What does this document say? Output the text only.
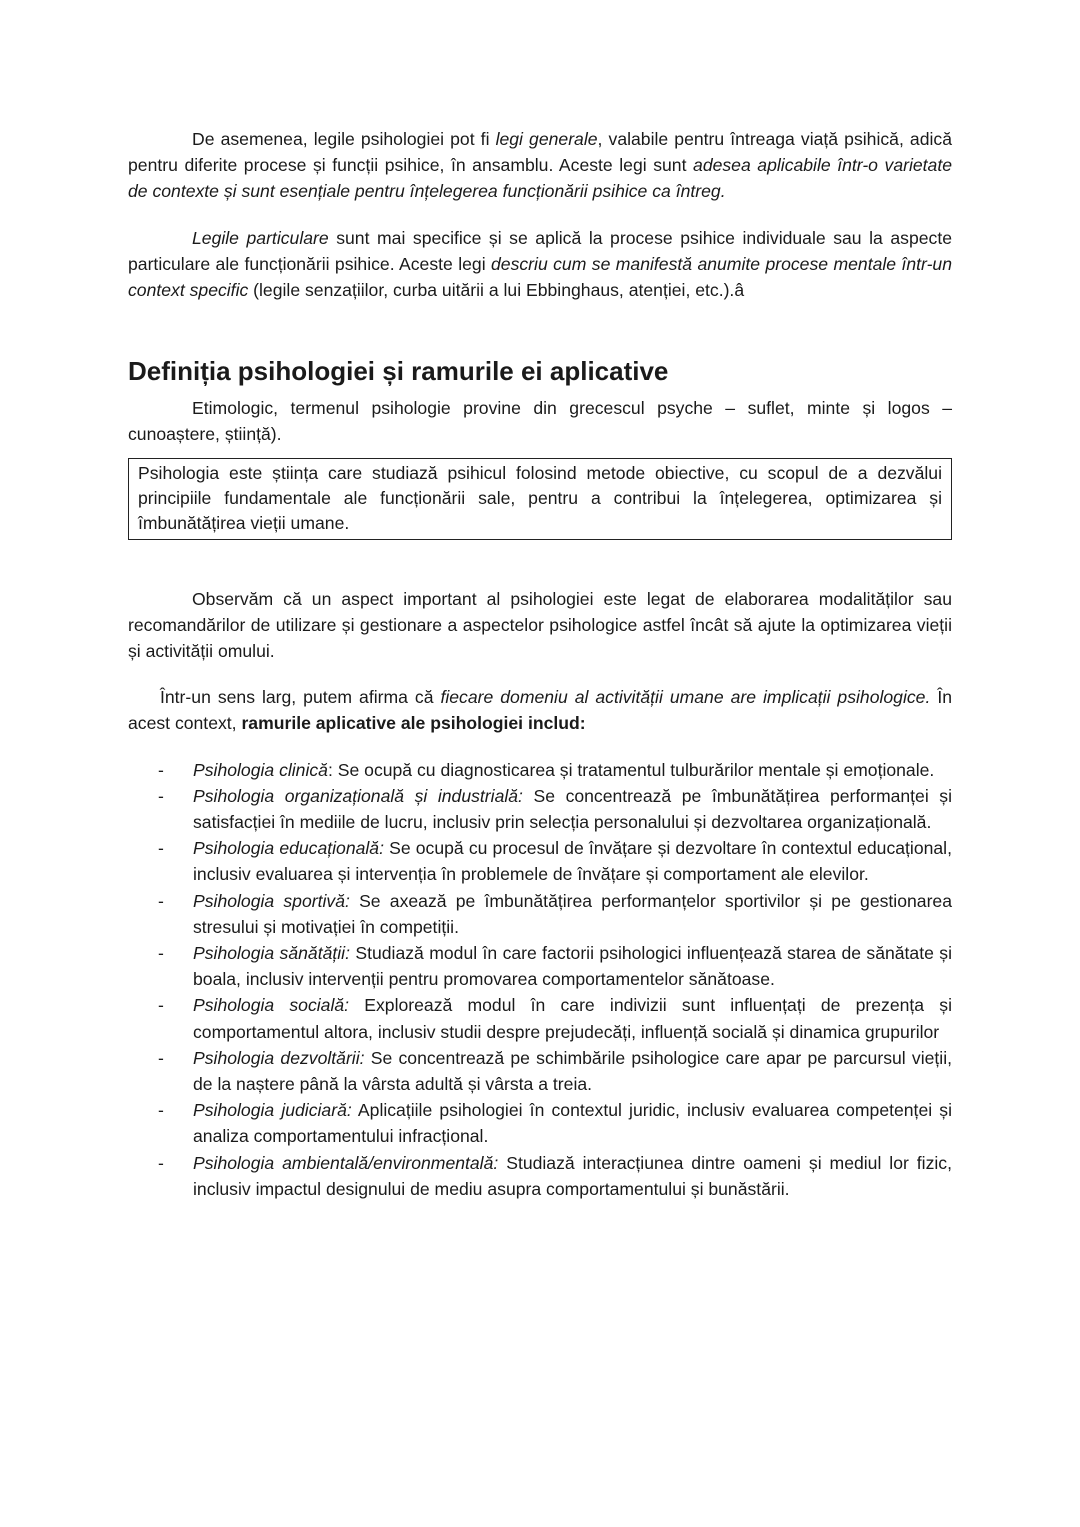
De asemenea, legile psihologiei pot fi legi generale, valabile pentru întreaga viață psihică, adică pentru diferite procese și funcții psihice, în ansamblu. Aceste legi sunt adesea aplicabile într-o varietate de contexte și sunt esențiale pentru înțelegerea funcționării psihice ca întreg.

Legile particulare sunt mai specifice și se aplică la procese psihice individuale sau la aspecte particulare ale funcționării psihice. Aceste legi descriu cum se manifestă anumite procese mentale într-un context specific (legile senzațiilor, curba uitării a lui Ebbinghaus, atenției, etc.).â

Definiția psihologiei și ramurile ei aplicative

Etimologic, termenul psihologie provine din grecescul psyche – suflet, minte și logos – cunoaștere, știință).

Psihologia este știința care studiază psihicul folosind metode obiective, cu scopul de a dezvălui principiile fundamentale ale funcționării sale, pentru a contribui la înțelegerea, optimizarea și îmbunătățirea vieții umane.

Observăm că un aspect important al psihologiei este legat de elaborarea modalităților sau recomandărilor de utilizare și gestionare a aspectelor psihologice astfel încât să ajute la optimizarea vieții și activității omului.

Într-un sens larg, putem afirma că fiecare domeniu al activității umane are implicații psihologice. În acest context, ramurile aplicative ale psihologiei includ:

- Psihologia clinică: Se ocupă cu diagnosticarea și tratamentul tulburărilor mentale și emoționale.
- Psihologia organizațională și industrială: Se concentrează pe îmbunătățirea performanței și satisfacției în mediile de lucru, inclusiv prin selecția personalului și dezvoltarea organizațională.
- Psihologia educațională: Se ocupă cu procesul de învățare și dezvoltare în contextul educațional, inclusiv evaluarea și intervenția în problemele de învățare și comportament ale elevilor.
- Psihologia sportivă: Se axează pe îmbunătățirea performanțelor sportivilor și pe gestionarea stresului și motivației în competiții.
- Psihologia sănătății: Studiază modul în care factorii psihologici influențează starea de sănătate și boala, inclusiv intervenții pentru promovarea comportamentelor sănătoase.
- Psihologia socială: Explorează modul în care indivizii sunt influențați de prezența și comportamentul altora, inclusiv studii despre prejudecăți, influență socială și dinamica grupurilor
- Psihologia dezvoltării: Se concentrează pe schimbările psihologice care apar pe parcursul vieții, de la naștere până la vârsta adultă și vârsta a treia.
- Psihologia judiciară: Aplicațiile psihologiei în contextul juridic, inclusiv evaluarea competenței și analiza comportamentului infracțional.
- Psihologia ambientală/environmentală: Studiază interacțiunea dintre oameni și mediul lor fizic, inclusiv impactul designului de mediu asupra comportamentului și bunăstării.
